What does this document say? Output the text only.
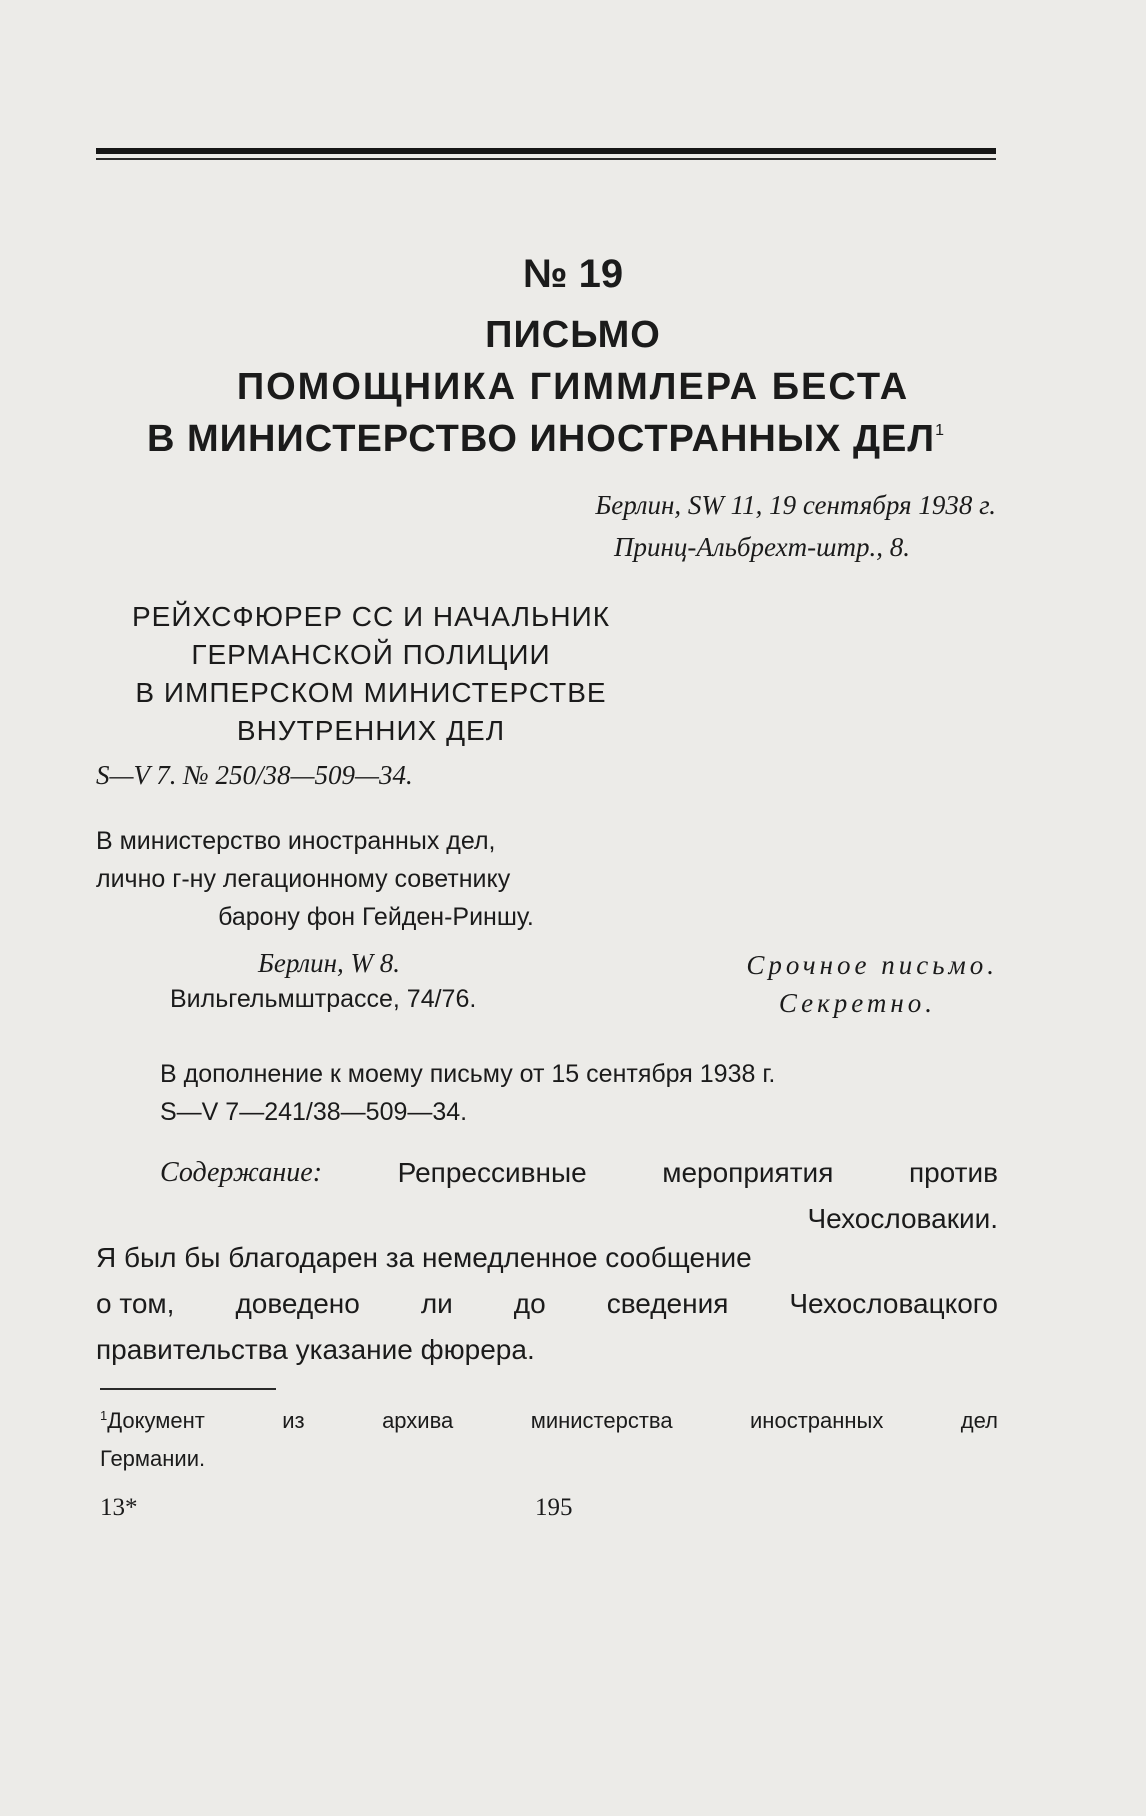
№ 19
ПИСЬМО
ПОМОЩНИКА ГИММЛЕРА БЕСТА
В МИНИСТЕРСТВО ИНОСТРАННЫХ ДЕЛ$^1$
Берлин, SW 11, 19 сентября 1938 г.
Принц-Альбрехт-штр., 8.
РЕЙХСФЮРЕР СС И НАЧАЛЬНИК
ГЕРМАНСКОЙ ПОЛИЦИИ
В ИМПЕРСКОМ МИНИСТЕРСТВЕ
ВНУТРЕННИХ ДЕЛ
S—V 7. № 250/38—509—34.
В министерство иностранных дел,
лично г-ну легационному советнику
барону фон Гейден-Риншу.
Берлин, W 8.
Вильгельмштрассе, 74/76.
Срочное письмо.
Секретно.
В дополнение к моему письму от 15 сентября 1938 г.
S—V 7—241/38—509—34.
Содержание:	Репрессивные	мероприятия	против
Чехословакии.
Я был бы благодарен за немедленное сообщение
о том, доведено ли до сведения Чехословацкого
правительства указание фюрера.
$^1$Документ	из	архива	министерства	иностранных	дел
Германии.
13*	195
